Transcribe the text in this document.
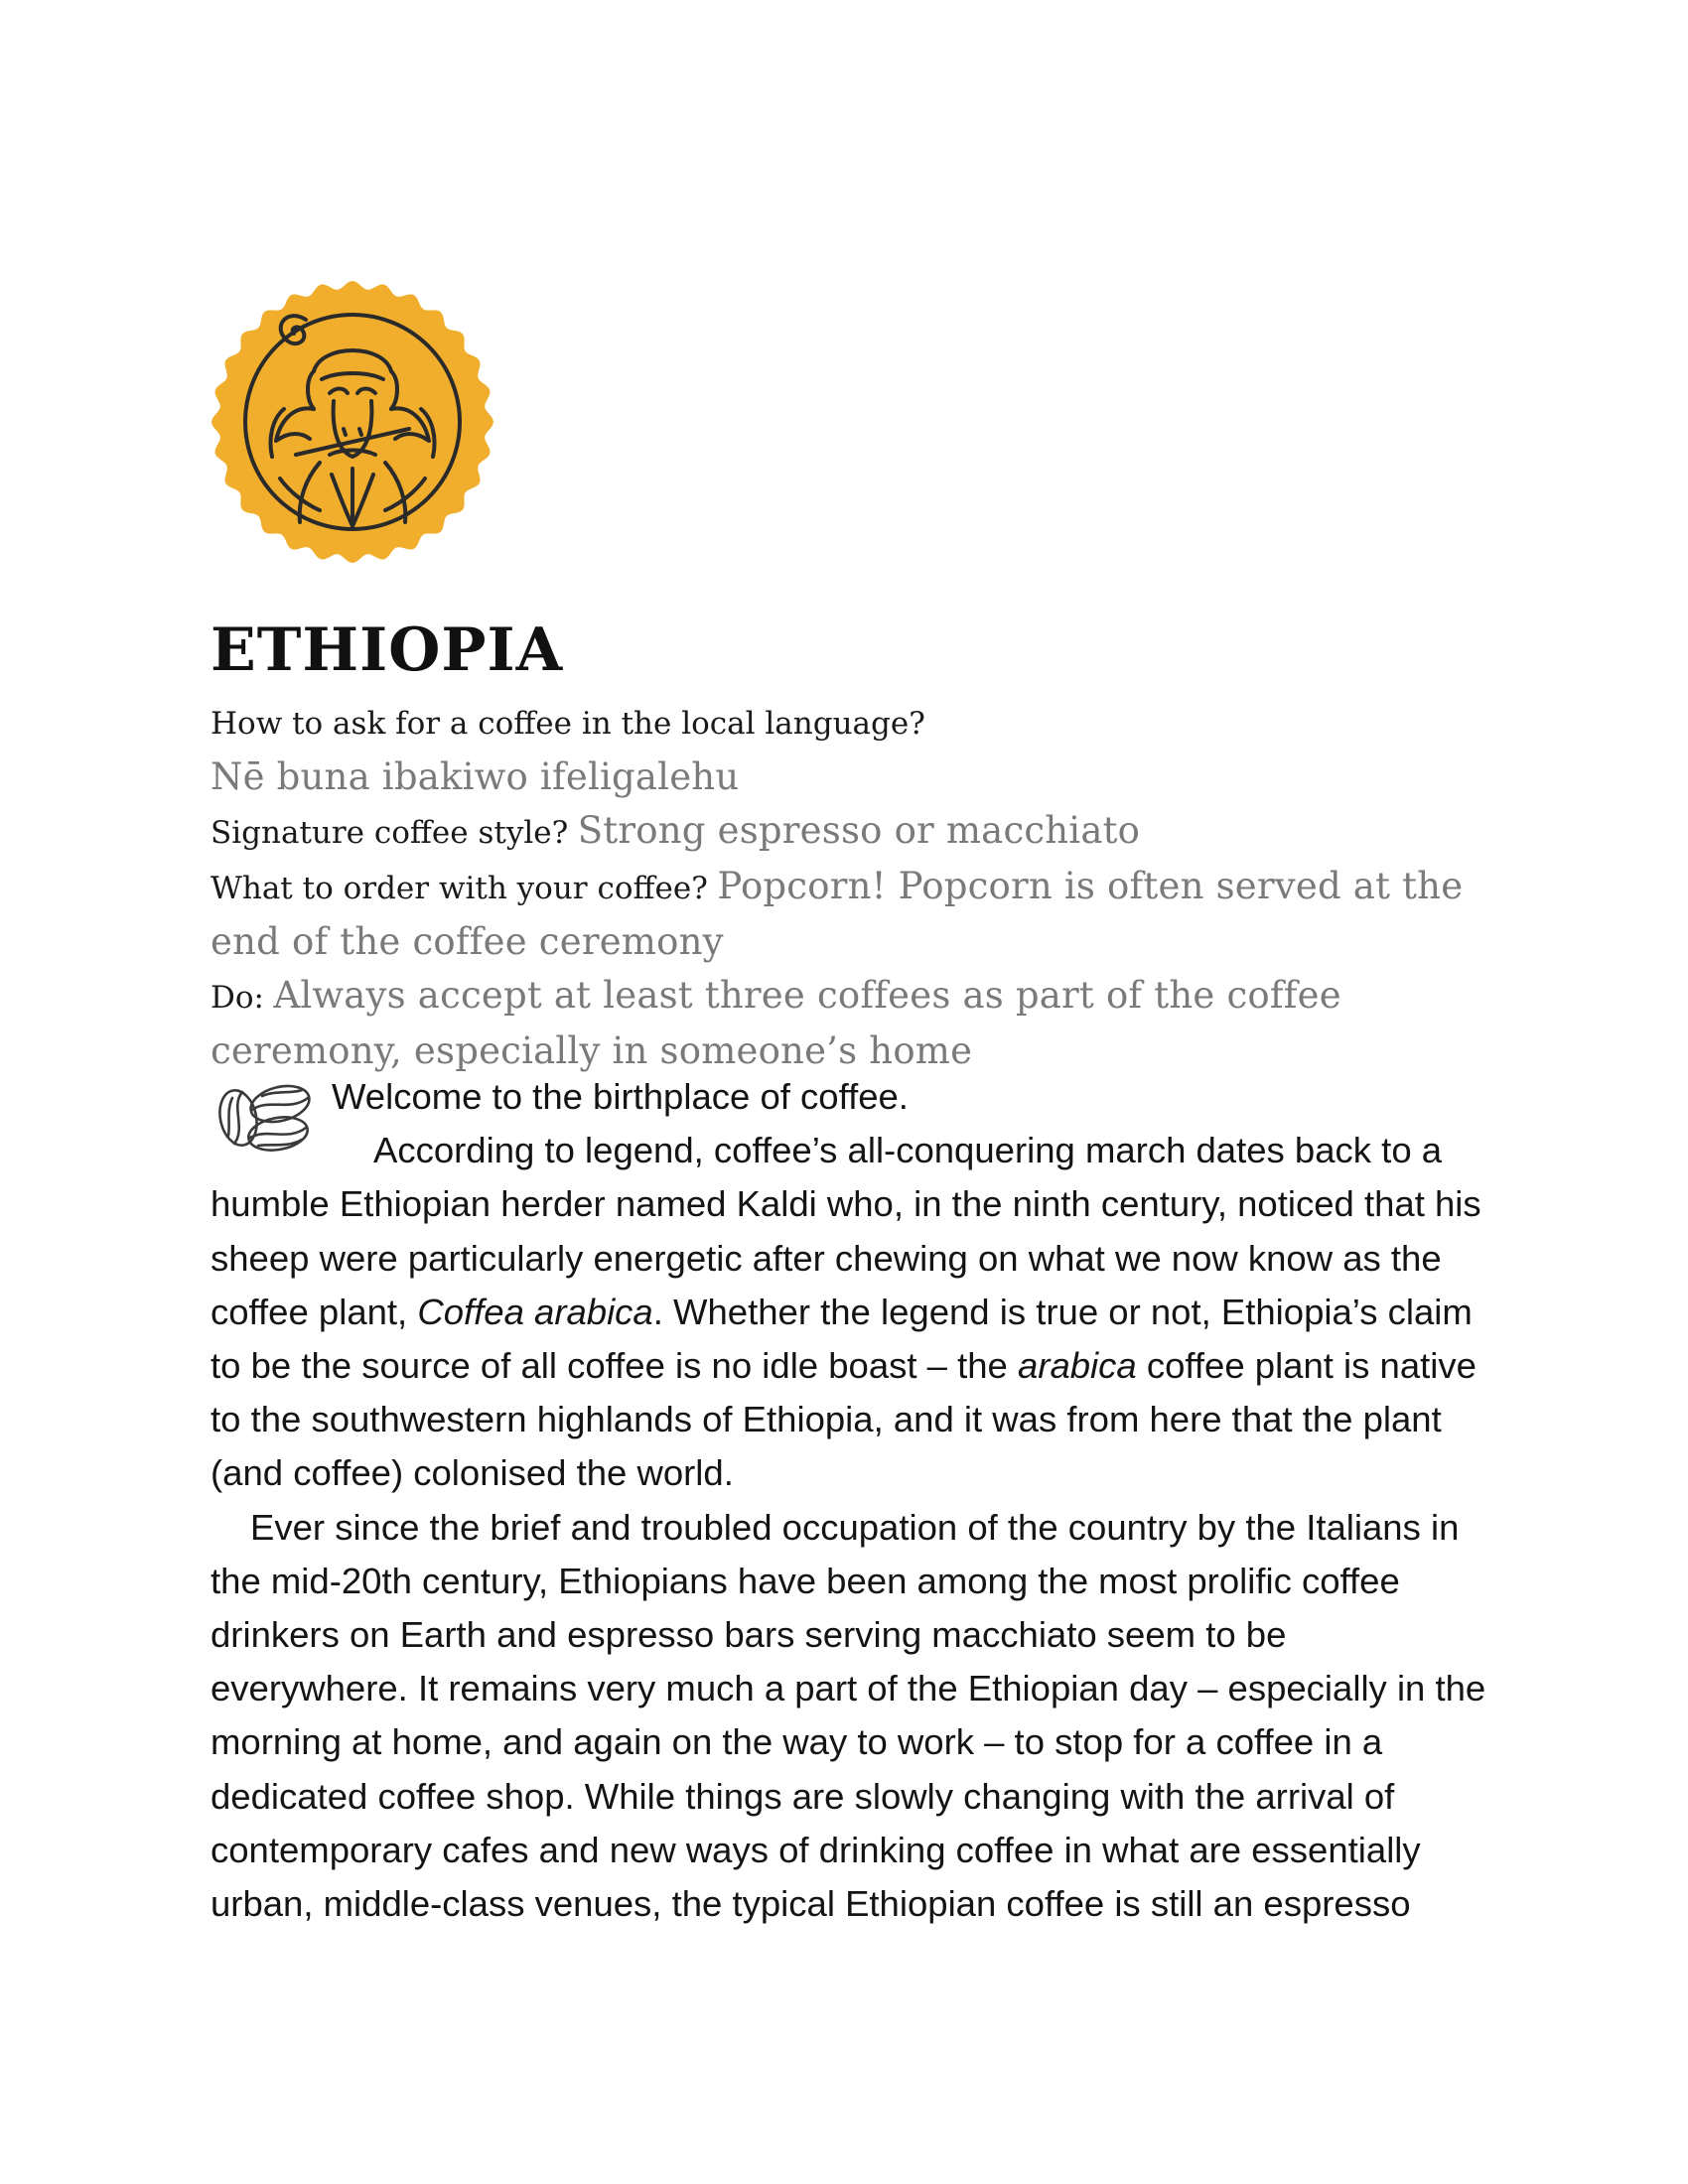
ETHIOPIA

How to ask for a coffee in the local language?
Nē buna ibakiwo ifeligalehu

Signature coffee style? Strong espresso or macchiato

What to order with your coffee? Popcorn! Popcorn is often served at the end of the coffee ceremony

Do: Always accept at least three coffees as part of the coffee ceremony, especially in someone’s home

Welcome to the birthplace of coffee.

According to legend, coffee’s all-conquering march dates back to a humble Ethiopian herder named Kaldi who, in the ninth century, noticed that his sheep were particularly energetic after chewing on what we now know as the coffee plant, Coffea arabica. Whether the legend is true or not, Ethiopia’s claim to be the source of all coffee is no idle boast – the arabica coffee plant is native to the southwestern highlands of Ethiopia, and it was from here that the plant (and coffee) colonised the world.

Ever since the brief and troubled occupation of the country by the Italians in the mid-20th century, Ethiopians have been among the most prolific coffee drinkers on Earth and espresso bars serving macchiato seem to be everywhere. It remains very much a part of the Ethiopian day – especially in the morning at home, and again on the way to work – to stop for a coffee in a dedicated coffee shop. While things are slowly changing with the arrival of contemporary cafes and new ways of drinking coffee in what are essentially urban, middle-class venues, the typical Ethiopian coffee is still an espresso
